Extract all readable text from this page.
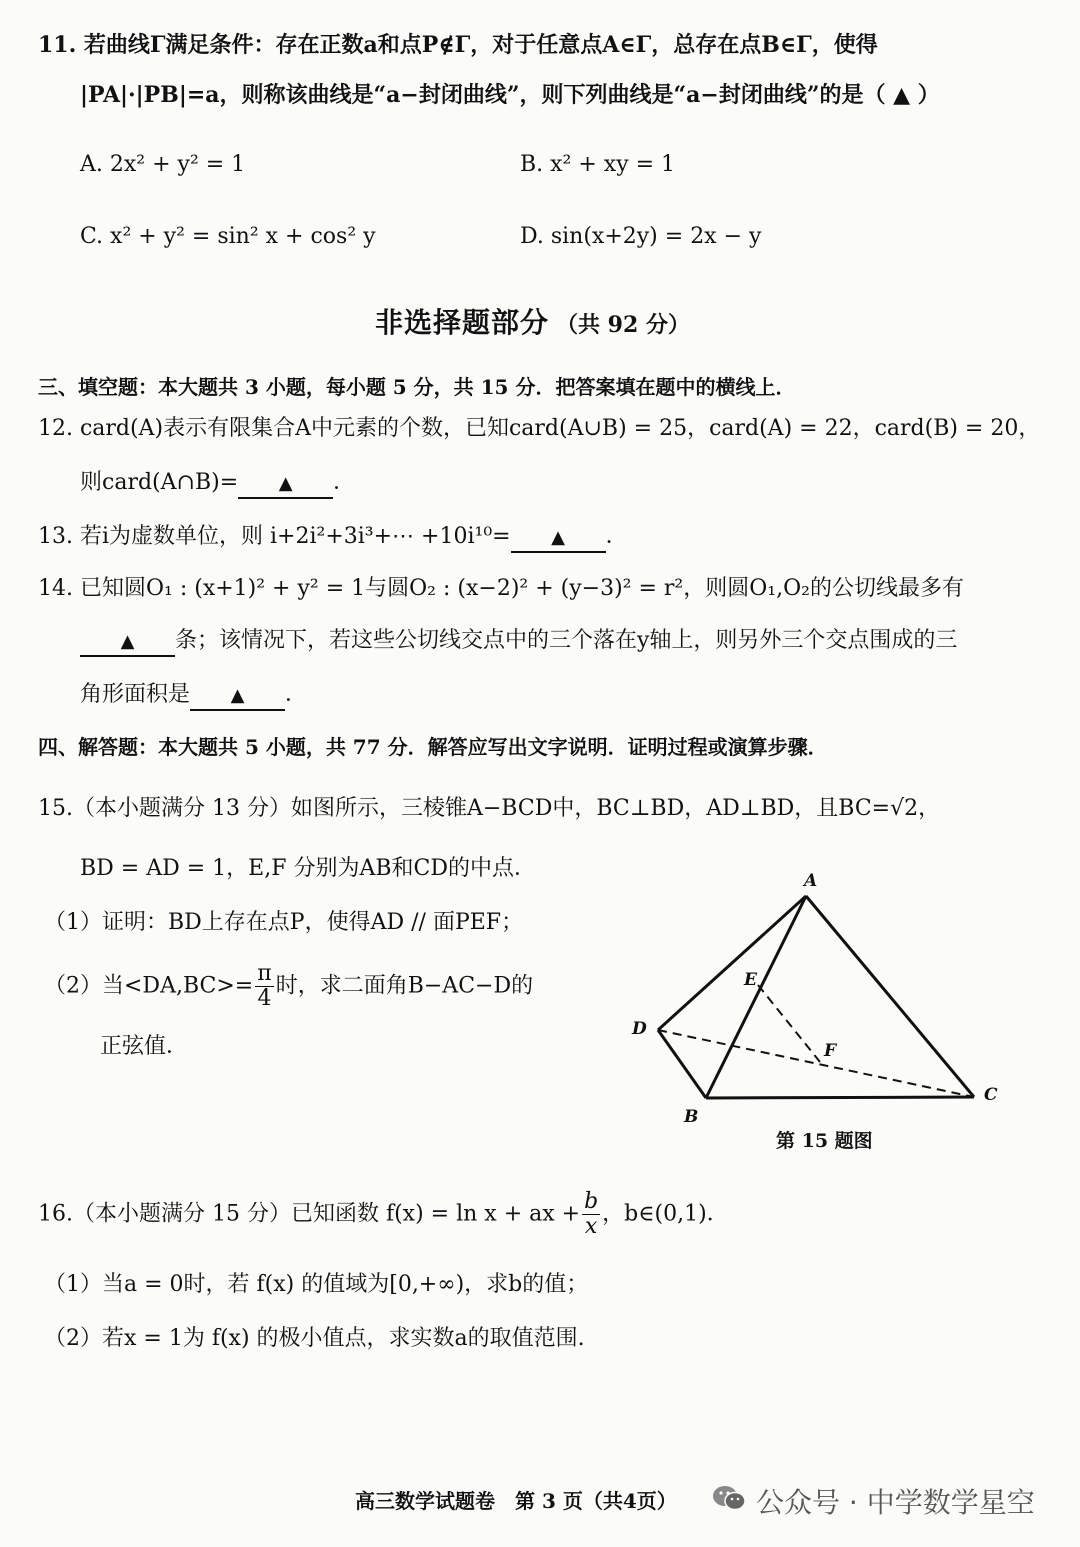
11. 若曲线Γ满足条件：存在正数a和点P∉Γ，对于任意点A∈Γ，总存在点B∈Γ，使得
|PA|·|PB|=a，则称该曲线是“a−封闭曲线”，则下列曲线是“a−封闭曲线”的是（ ▲ ）
A. 2x² + y² = 1	B. x² + xy = 1
C. x² + y² = sin² x + cos² y	D. sin(x+2y) = 2x − y
非选择题部分 （共 92 分）
三、填空题：本大题共 3 小题，每小题 5 分，共 15 分．把答案填在题中的横线上．
12. card(A)表示有限集合A中元素的个数，已知card(A∪B) = 25，card(A) = 22，card(B) = 20，
则card(A∩B)= ▲ ．
13. 若i为虚数单位，则 i+2i²+3i³+⋯ +10i¹⁰= ▲ ．
14. 已知圆O₁ : (x+1)² + y² = 1与圆O₂ : (x−2)² + (y−3)² = r²，则圆O₁,O₂的公切线最多有
▲ 条；该情况下，若这些公切线交点中的三个落在y轴上，则另外三个交点围成的三
角形面积是 ▲ ．
四、解答题：本大题共 5 小题，共 77 分．解答应写出文字说明．证明过程或演算步骤．
15.（本小题满分 13 分）如图所示，三棱锥A−BCD中，BC⊥BD，AD⊥BD，且BC=√2，
BD = AD = 1，E,F 分别为AB和CD的中点．
（1）证明：BD上存在点P，使得AD // 面PEF；
（2）当$<DA,BC>= \frac{\pi}{4}$ 时，求二面角B−AC−D的
正弦值．
A
E
D
F
B
C
第 15 题图
16.（本小题满分 15 分）已知函数 f(x) = ln x + ax + $\frac{b}{x}$ ，b∈(0,1)．
（1）当a = 0时，若 f(x) 的值域为[0,+∞)，求b的值；
（2）若x = 1为 f(x) 的极小值点，求实数a的取值范围.
高三数学试题卷　第 3 页（共4页）	公众号 · 中学数学星空
